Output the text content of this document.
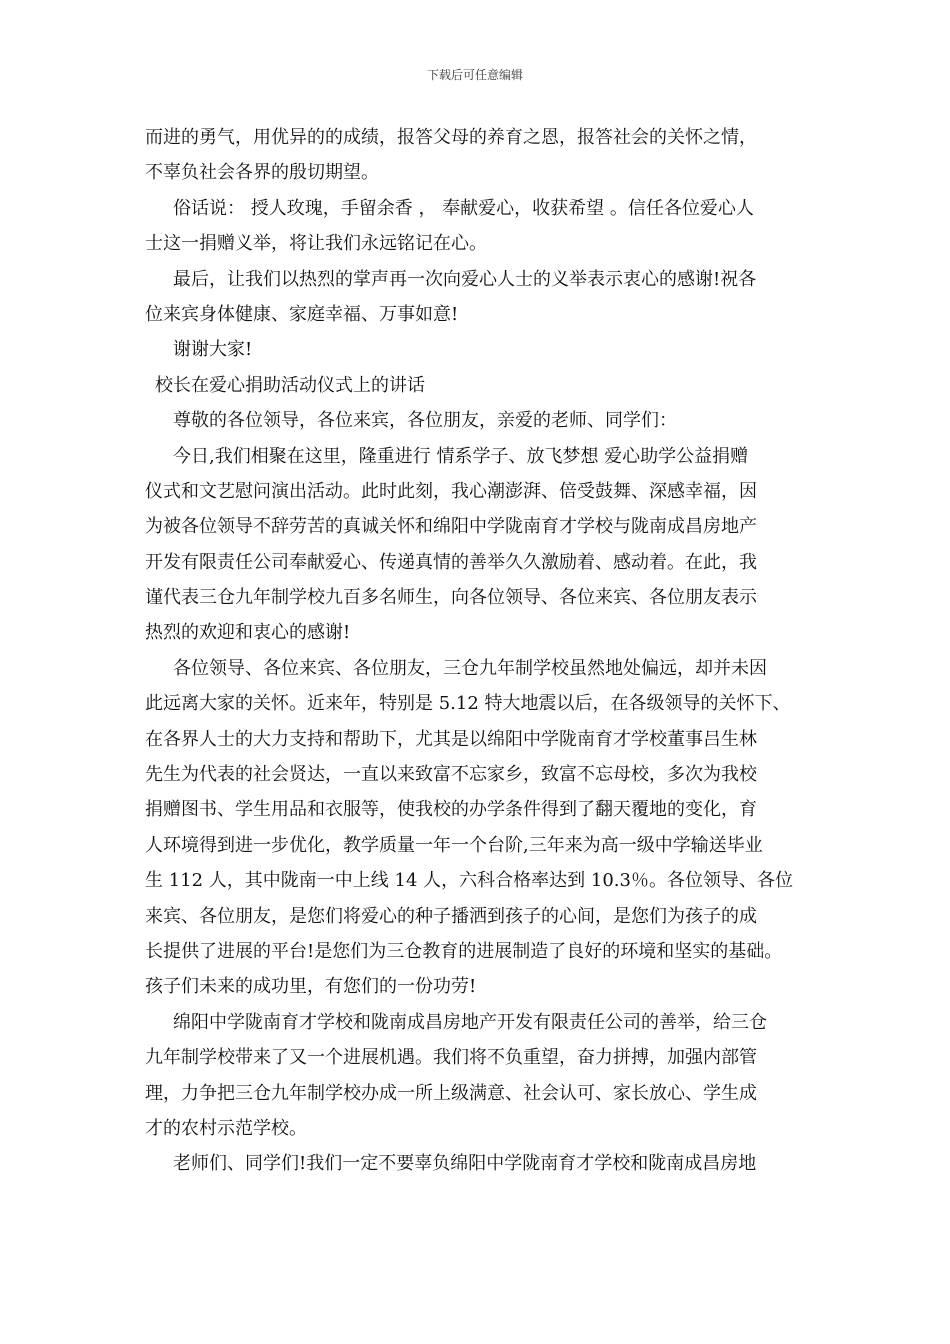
下载后可任意编辑
而进的勇气，用优异的的成绩，报答父母的养育之恩，报答社会的关怀之情，
不辜负社会各界的殷切期望。
俗话说： 授人玫瑰，手留余香 ， 奉献爱心，收获希望 。信任各位爱心人
士这一捐赠义举，将让我们永远铭记在心。
最后，让我们以热烈的掌声再一次向爱心人士的义举表示衷心的感谢!祝各
位来宾身体健康、家庭幸福、万事如意!
谢谢大家!
校长在爱心捐助活动仪式上的讲话
尊敬的各位领导，各位来宾，各位朋友，亲爱的老师、同学们：
今日,我们相聚在这里，隆重进行 情系学子、放飞梦想 爱心助学公益捐赠
仪式和文艺慰问演出活动。此时此刻，我心潮澎湃、倍受鼓舞、深感幸福，因
为被各位领导不辞劳苦的真诚关怀和绵阳中学陇南育才学校与陇南成昌房地产
开发有限责任公司奉献爱心、传递真情的善举久久激励着、感动着。在此，我
谨代表三仓九年制学校九百多名师生，向各位领导、各位来宾、各位朋友表示
热烈的欢迎和衷心的感谢!
各位领导、各位来宾、各位朋友，三仓九年制学校虽然地处偏远，却并未因
此远离大家的关怀。近来年，特别是 5.12 特大地震以后，在各级领导的关怀下、
在各界人士的大力支持和帮助下，尤其是以绵阳中学陇南育才学校董事吕生林
先生为代表的社会贤达，一直以来致富不忘家乡，致富不忘母校，多次为我校
捐赠图书、学生用品和衣服等，使我校的办学条件得到了翻天覆地的变化，育
人环境得到进一步优化，教学质量一年一个台阶,三年来为高一级中学输送毕业
生 112 人，其中陇南一中上线 14 人，六科合格率达到 10.3％。各位领导、各位
来宾、各位朋友，是您们将爱心的种子播洒到孩子的心间，是您们为孩子的成
长提供了进展的平台!是您们为三仓教育的进展制造了良好的环境和坚实的基础。
孩子们未来的成功里，有您们的一份功劳!
绵阳中学陇南育才学校和陇南成昌房地产开发有限责任公司的善举，给三仓
九年制学校带来了又一个进展机遇。我们将不负重望，奋力拼搏，加强内部管
理，力争把三仓九年制学校办成一所上级满意、社会认可、家长放心、学生成
才的农村示范学校。
老师们、同学们!我们一定不要辜负绵阳中学陇南育才学校和陇南成昌房地
